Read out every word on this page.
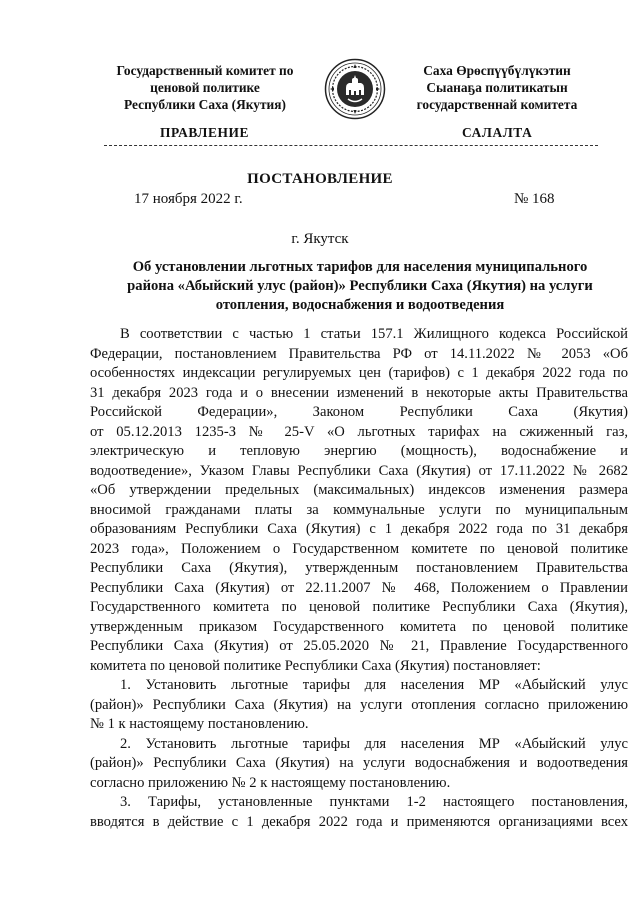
Государственный комитет по
ценовой политике
Республики Саха (Якутия)
Саха Өрөспүүбүлүкэтин
Сыанаҕа политикатын
государственнай комитета
ПРАВЛЕНИЕ	САЛАЛТА
ПОСТАНОВЛЕНИЕ
17 ноября 2022 г.	№ 168
г. Якутск
Об установлении льготных тарифов для населения муниципального
района «Абыйский улус (район)» Республики Саха (Якутия) на услуги
отопления, водоснабжения и водоотведения
В соответствии с частью 1 статьи 157.1 Жилищного кодекса Российской
Федерации, постановлением Правительства РФ от 14.11.2022 № 2053 «Об
особенностях индексации регулируемых цен (тарифов) с 1 декабря 2022 года по
31 декабря 2023 года и о внесении изменений в некоторые акты Правительства
Российской Федерации», Законом Республики Саха (Якутия)
от 05.12.2013 1235-З № 25-V «О льготных тарифах на сжиженный газ,
электрическую и тепловую энергию (мощность), водоснабжение и
водоотведение», Указом Главы Республики Саха (Якутия) от 17.11.2022 № 2682
«Об утверждении предельных (максимальных) индексов изменения размера
вносимой гражданами платы за коммунальные услуги по муниципальным
образованиям Республики Саха (Якутия) с 1 декабря 2022 года по 31 декабря
2023 года», Положением о Государственном комитете по ценовой политике
Республики Саха (Якутия), утвержденным постановлением Правительства
Республики Саха (Якутия) от 22.11.2007 № 468, Положением о Правлении
Государственного комитета по ценовой политике Республики Саха (Якутия),
утвержденным приказом Государственного комитета по ценовой политике
Республики Саха (Якутия) от 25.05.2020 № 21, Правление Государственного
комитета по ценовой политике Республики Саха (Якутия) постановляет:
1. Установить льготные тарифы для населения МР «Абыйский улус
(район)» Республики Саха (Якутия) на услуги отопления согласно приложению
№ 1 к настоящему постановлению.
2. Установить льготные тарифы для населения МР «Абыйский улус
(район)» Республики Саха (Якутия) на услуги водоснабжения и водоотведения
согласно приложению № 2 к настоящему постановлению.
3. Тарифы, установленные пунктами 1-2 настоящего постановления,
вводятся в действие с 1 декабря 2022 года и применяются организациями всех
